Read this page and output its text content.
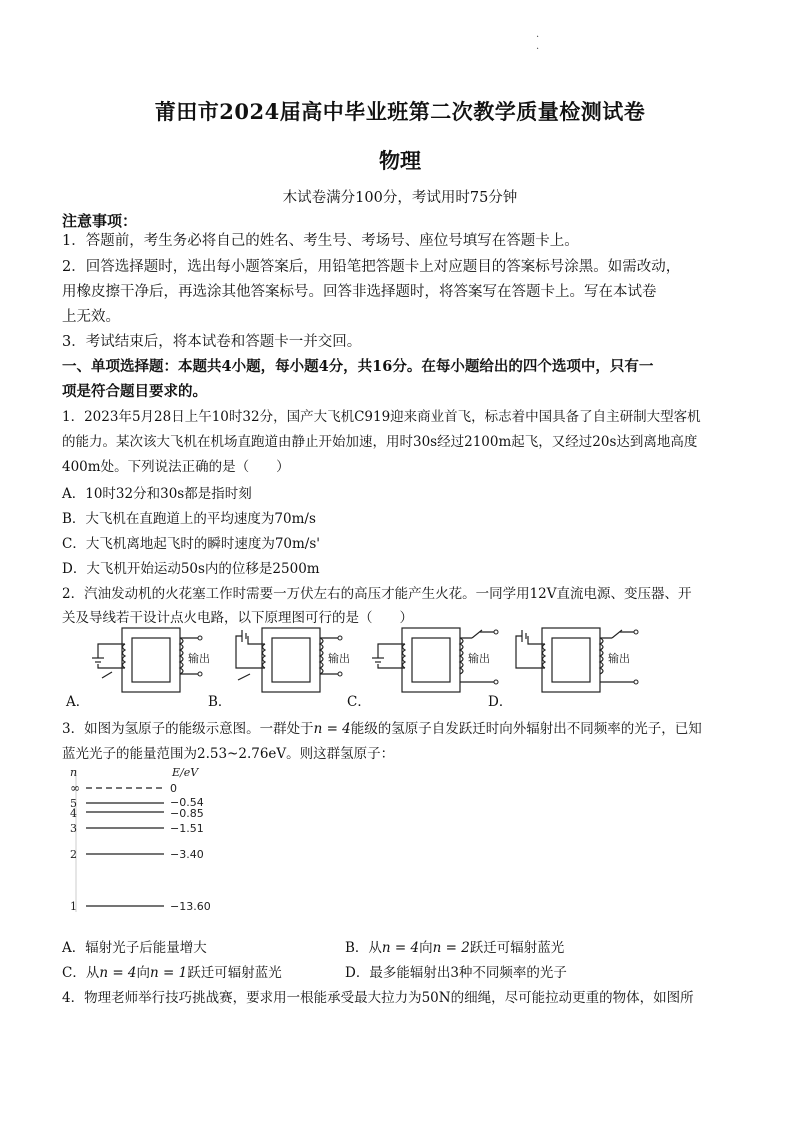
·
·
莆田市2024届高中毕业班第二次教学质量检测试卷
物理
木试卷满分100分，考试用时75分钟
注意事项：
1．答题前，考生务必将自己的姓名、考生号、考场号、座位号填写在答题卡上。
2．回答选择题时，选出每小题答案后，用铅笔把答题卡上对应题目的答案标号涂黑。如需改动，
用橡皮擦干净后，再选涂其他答案标号。回答非选择题时，将答案写在答题卡上。写在本试卷
上无效。
3．考试结束后，将本试卷和答题卡一并交回。
一、单项选择题：本题共4小题，每小题4分，共16分。在每小题给出的四个选项中，只有一
项是符合题目要求的。
1．2023年5月28日上午10时32分，国产大飞机C919迎来商业首飞，标志着中国具备了自主研制大型客机
的能力。某次该大飞机在机场直跑道由静止开始加速，用时30s经过2100m起飞，又经过20s达到离地高度
400m处。下列说法正确的是（　　）
A．10时32分和30s都是指时刻
B．大飞机在直跑道上的平均速度为70m/s
C．大飞机离地起飞时的瞬时速度为70m/s'
D．大飞机开始运动50s内的位移是2500m
2．汽油发动机的火花塞工作时需要一万伏左右的高压才能产生火花。一同学用12V直流电源、变压器、开
关及导线若干设计点火电路，以下原理图可行的是（　　）
输出	输出	输出	输出
A．	B．	C．	D．
3．如图为氢原子的能级示意图。一群处于n = 4能级的氢原子自发跃迁时向外辐射出不同频率的光子，已知
蓝光光子的能量范围为2.53~2.76eV。则这群氢原子：
n	E/eV
∞	0
5	−0.54
4	−0.85
3	−1.51
2	−3.40
1	−13.60
A．辐射光子后能量增大	B．从n = 4向n = 2跃迁可辐射蓝光
C．从n = 4向n = 1跃迁可辐射蓝光	D．最多能辐射出3种不同频率的光子
4．物理老师举行技巧挑战赛，要求用一根能承受最大拉力为50N的细绳，尽可能拉动更重的物体，如图所
